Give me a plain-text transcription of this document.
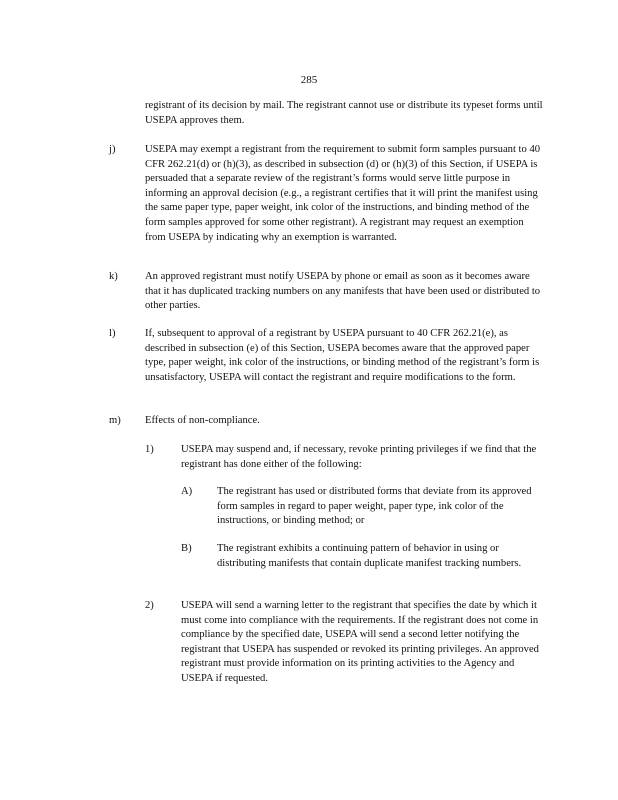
285
registrant of its decision by mail. The registrant cannot use or distribute its typeset forms until USEPA approves them.
j)	USEPA may exempt a registrant from the requirement to submit form samples pursuant to 40 CFR 262.21(d) or (h)(3), as described in subsection (d) or (h)(3) of this Section, if USEPA is persuaded that a separate review of the registrant’s forms would serve little purpose in informing an approval decision (e.g., a registrant certifies that it will print the manifest using the same paper type, paper weight, ink color of the instructions, and binding method of the form samples approved for some other registrant). A registrant may request an exemption from USEPA by indicating why an exemption is warranted.
k)	An approved registrant must notify USEPA by phone or email as soon as it becomes aware that it has duplicated tracking numbers on any manifests that have been used or distributed to other parties.
l)	If, subsequent to approval of a registrant by USEPA pursuant to 40 CFR 262.21(e), as described in subsection (e) of this Section, USEPA becomes aware that the approved paper type, paper weight, ink color of the instructions, or binding method of the registrant’s form is unsatisfactory, USEPA will contact the registrant and require modifications to the form.
m) Effects of non-compliance.
1)	USEPA may suspend and, if necessary, revoke printing privileges if we find that the registrant has done either of the following:
A) The registrant has used or distributed forms that deviate from its approved form samples in regard to paper weight, paper type, ink color of the instructions, or binding method; or
B) The registrant exhibits a continuing pattern of behavior in using or distributing manifests that contain duplicate manifest tracking numbers.
2)	USEPA will send a warning letter to the registrant that specifies the date by which it must come into compliance with the requirements. If the registrant does not come in compliance by the specified date, USEPA will send a second letter notifying the registrant that USEPA has suspended or revoked its printing privileges. An approved registrant must provide information on its printing activities to the Agency and USEPA if requested.
